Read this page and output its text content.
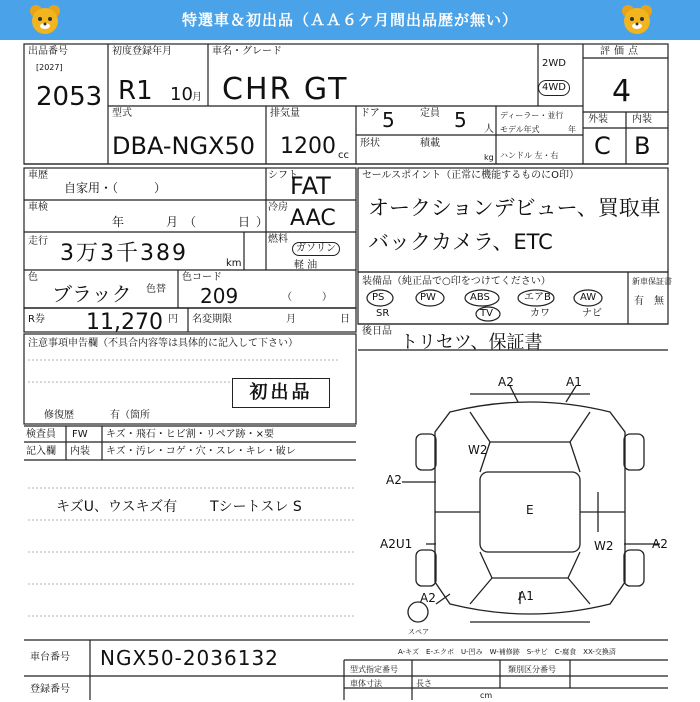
特選車＆初出品（ＡＡ６ケ月間出品歴が無い）
出品番号
[2027]
2053
初度登録年月
R1 10 月
車名・グレード
CHR GT
2WD
4WD
評価点
4
外装 内装
C B
型式
DBA-NGX50
排気量
1200 cc
ドア 5	定員 5 人
ディーラー・並行
モデル年式	年
形状	積載
kg ハンドル 左・右
車歴
自家用・（　　　）
車検
年　　月（　　日）
走行 3万3千389	km
色
ブラック 色替
色コード
209
R券 11,270 円 名変期限	月	日
シフト
FAT
冷房 AAC
燃料
ガソリン
軽 油
（　　　）
セールスポイント（正常に機能するものにO印）
オークションデビュー、買取車
バックカメラ、ETC
装備品（純正品で○印をつけてください）	新車保証書
PS	PW	ABS	エアB	AW
SR	TV	カワ	ナビ
有 無
後日品
トリセツ、保証書
注意事項申告欄（不具合内容等は具体的に記入して下さい）
初出品
修復歴	有（箇所
検査員
記入欄
FW キズ・飛石・ヒビ割・リペア跡・×要
内装 キズ・汚レ・コゲ・穴・スレ・キレ・破レ
キズU、ウスキズ有 Tシートスレ S
A2	A1
W2
A2
A2U1
E
W2	A2
A2	A1
スペア
A-キズ　E-エクボ　U-凹み　W-補修跡　S-サビ　C-腐食　XX-交換済
車台番号 NGX50-2036132
登録番号
型式指定番号	類別区分番号
車体寸法	長さ
cm
